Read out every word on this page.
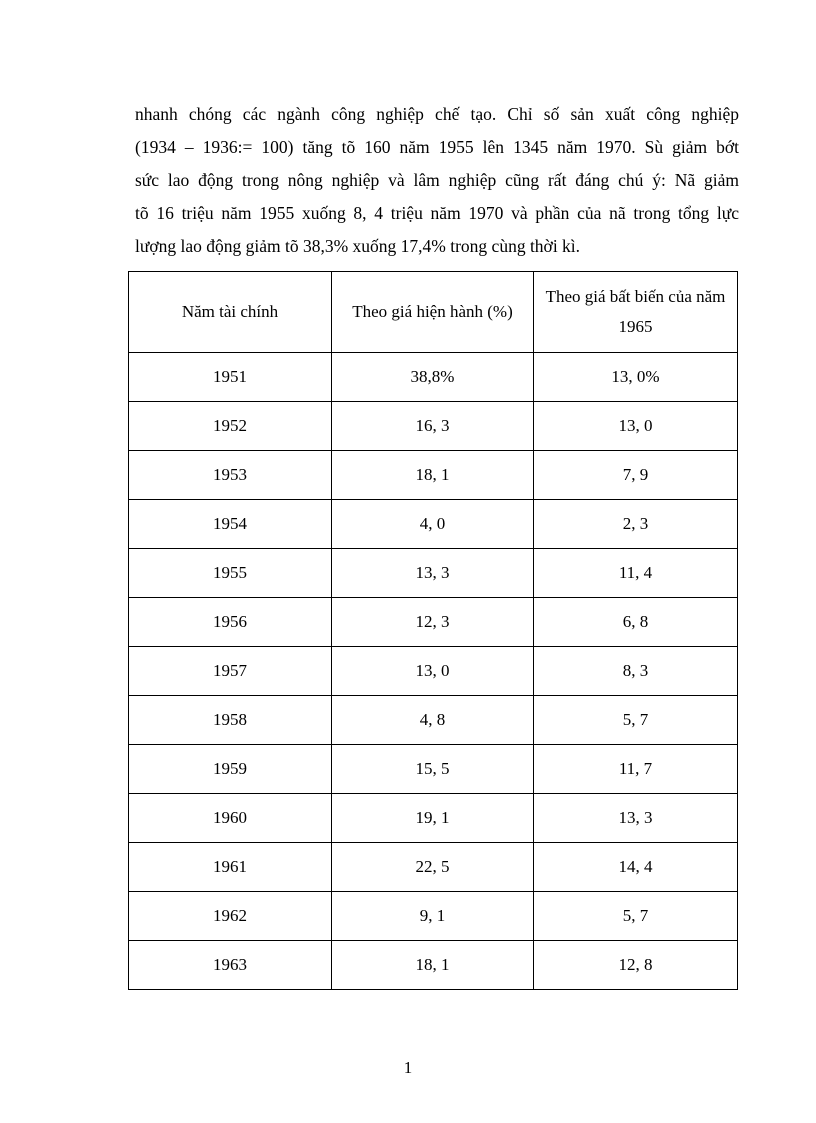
nhanh chóng các ngành công nghiệp chế tạo. Chỉ số sản xuất công nghiệp
(1934 – 1936:= 100) tăng tõ 160 năm 1955 lên 1345 năm 1970. Sù giảm bớt
sức lao động trong nông nghiệp và lâm nghiệp cũng rất đáng chú ý: Nã giảm
tõ 16 triệu năm 1955 xuống 8, 4 triệu năm 1970 và phần của nã trong tổng lực
lượng lao động giảm tõ 38,3% xuống 17,4% trong cùng thời kì.
Năm tài chính	Theo giá hiện hành (%)	Theo giá bất biến của năm 1965

1951	38,8%	13, 0%
1952	16, 3	13, 0
1953	18, 1	7, 9
1954	4, 0	2, 3
1955	13, 3	11, 4
1956	12, 3	6, 8
1957	13, 0	8, 3
1958	4, 8	5, 7
1959	15, 5	11, 7
1960	19, 1	13, 3
1961	22, 5	14, 4
1962	9, 1	5, 7
1963	18, 1	12, 8
1
